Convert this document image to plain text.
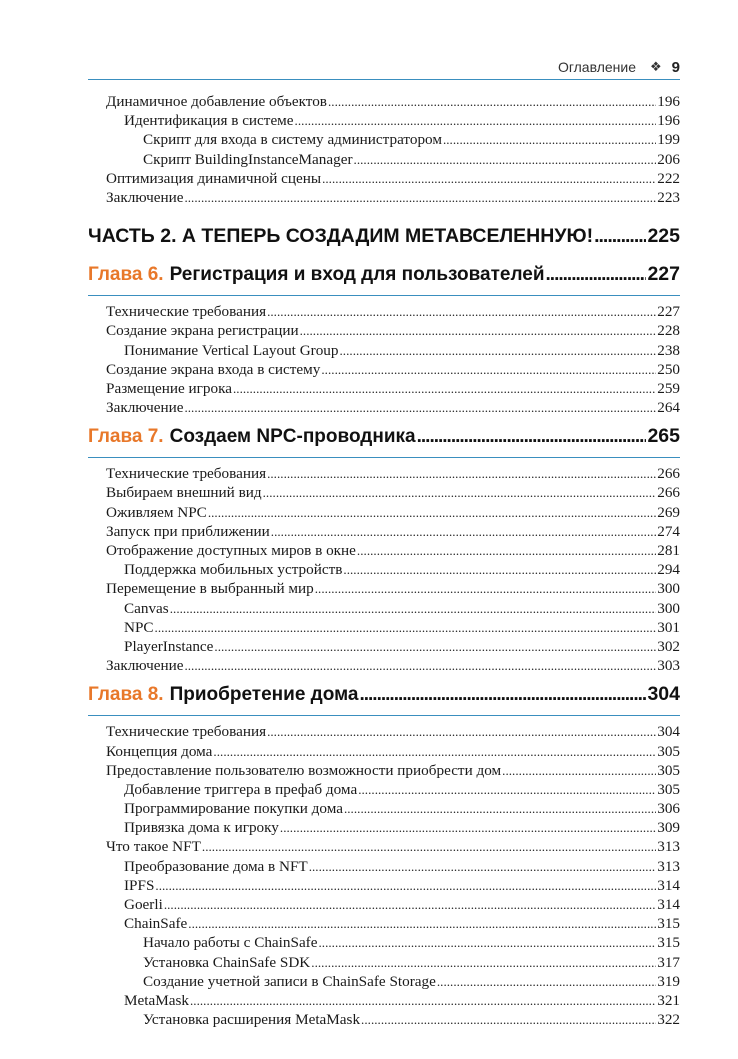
Оглавление ❖ 9
Динамичное добавление объектов . . .	196
Идентификация в системе . . .	196
Скрипт для входа в систему администратором . . .	199
Скрипт BuildingInstanceManager . . .	206
Оптимизация динамичной сцены . . .	222
Заключение . . .	223
ЧАСТЬ 2. А ТЕПЕРЬ СОЗДАДИМ МЕТАВСЕЛЕННУЮ! .....	225
Глава 6. Регистрация и вход для пользователей .....	227
Технические требования . . .	227
Создание экрана регистрации . . .	228
Понимание Vertical Layout Group . . .	238
Создание экрана входа в систему . . .	250
Размещение игрока . . .	259
Заключение . . .	264
Глава 7. Создаем NPC-проводника .....	265
Технические требования . . .	266
Выбираем внешний вид . . .	266
Оживляем NPC . . .	269
Запуск при приближении . . .	274
Отображение доступных миров в окне . . .	281
Поддержка мобильных устройств . . .	294
Перемещение в выбранный мир . . .	300
Canvas . . .	300
NPC . . .	301
PlayerInstance . . .	302
Заключение . . .	303
Глава 8. Приобретение дома .....	304
Технические требования . . .	304
Концепция дома . . .	305
Предоставление пользователю возможности приобрести дом . . .	305
Добавление триггера в префаб дома . . .	305
Программирование покупки дома . . .	306
Привязка дома к игроку . . .	309
Что такое NFT . . .	313
Преобразование дома в NFT . . .	313
IPFS . . .	314
Goerli . . .	314
ChainSafe . . .	315
Начало работы с ChainSafe . . .	315
Установка ChainSafe SDK . . .	317
Создание учетной записи в ChainSafe Storage . . .	319
MetaMask . . .	321
Установка расширения MetaMask . . .	322
